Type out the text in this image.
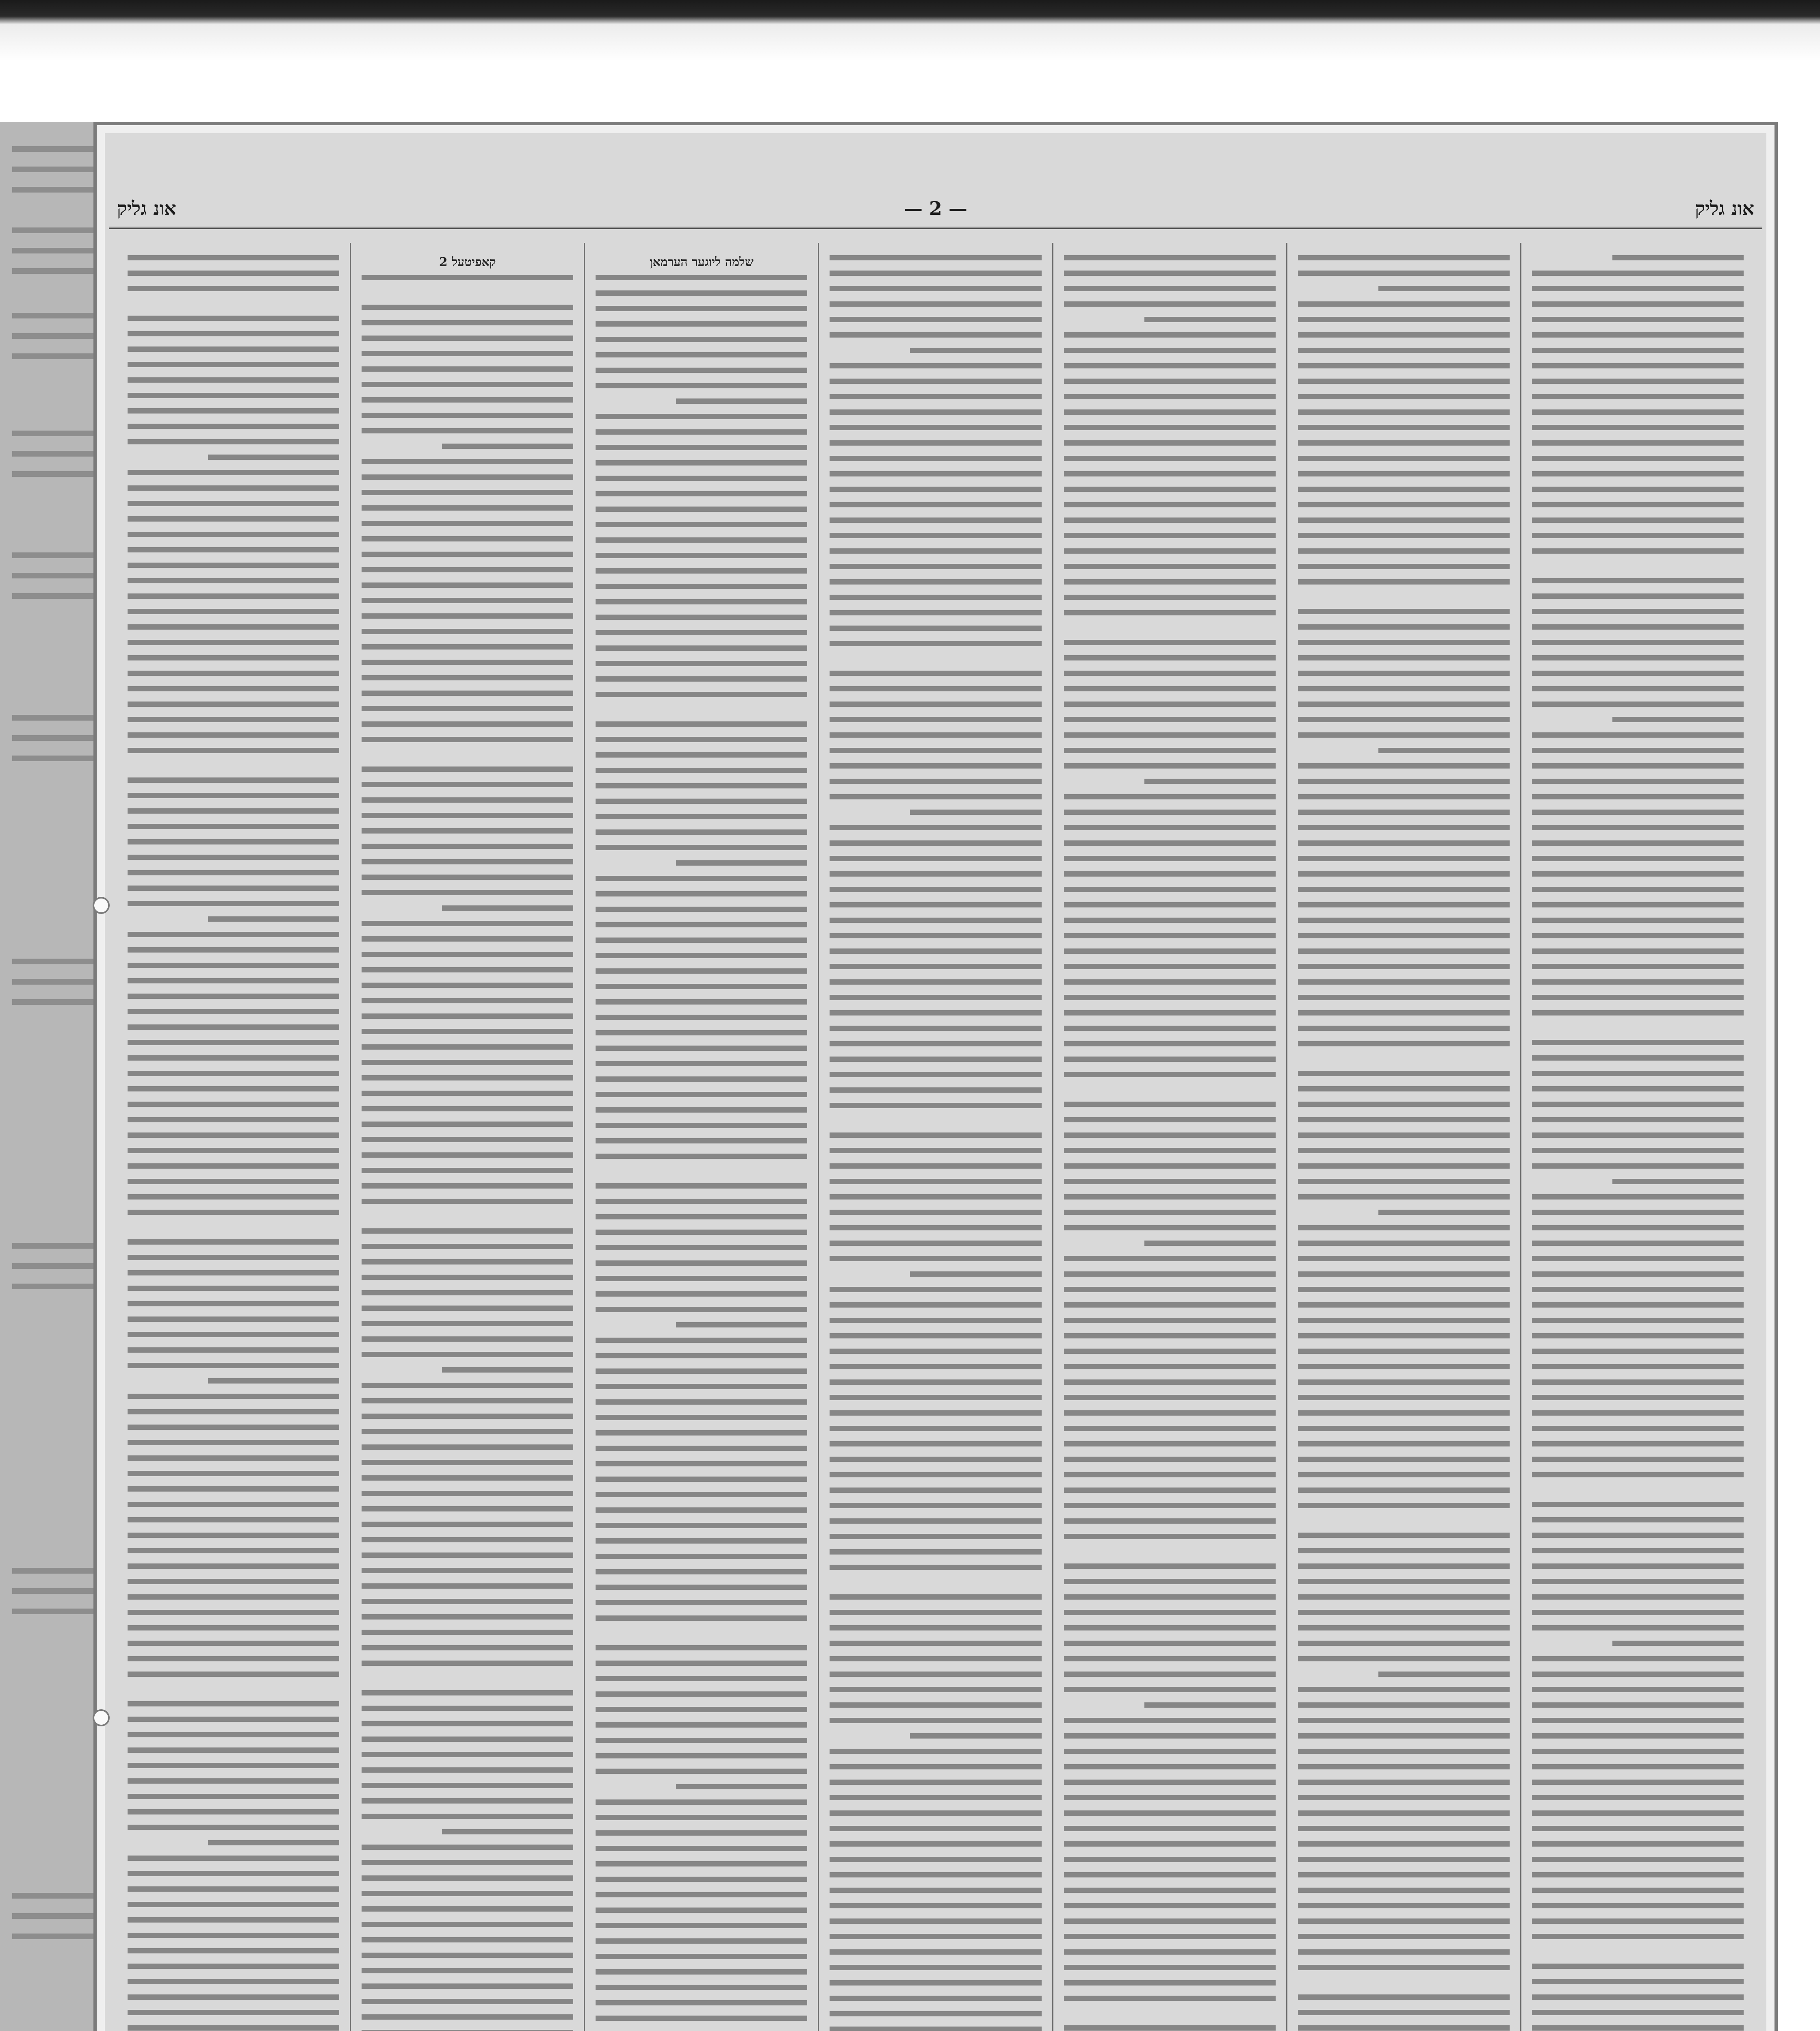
אונ גליק	— 2 —	אונ גליק
שלמה ליוגער הערמאן
קאפיטעל 2
